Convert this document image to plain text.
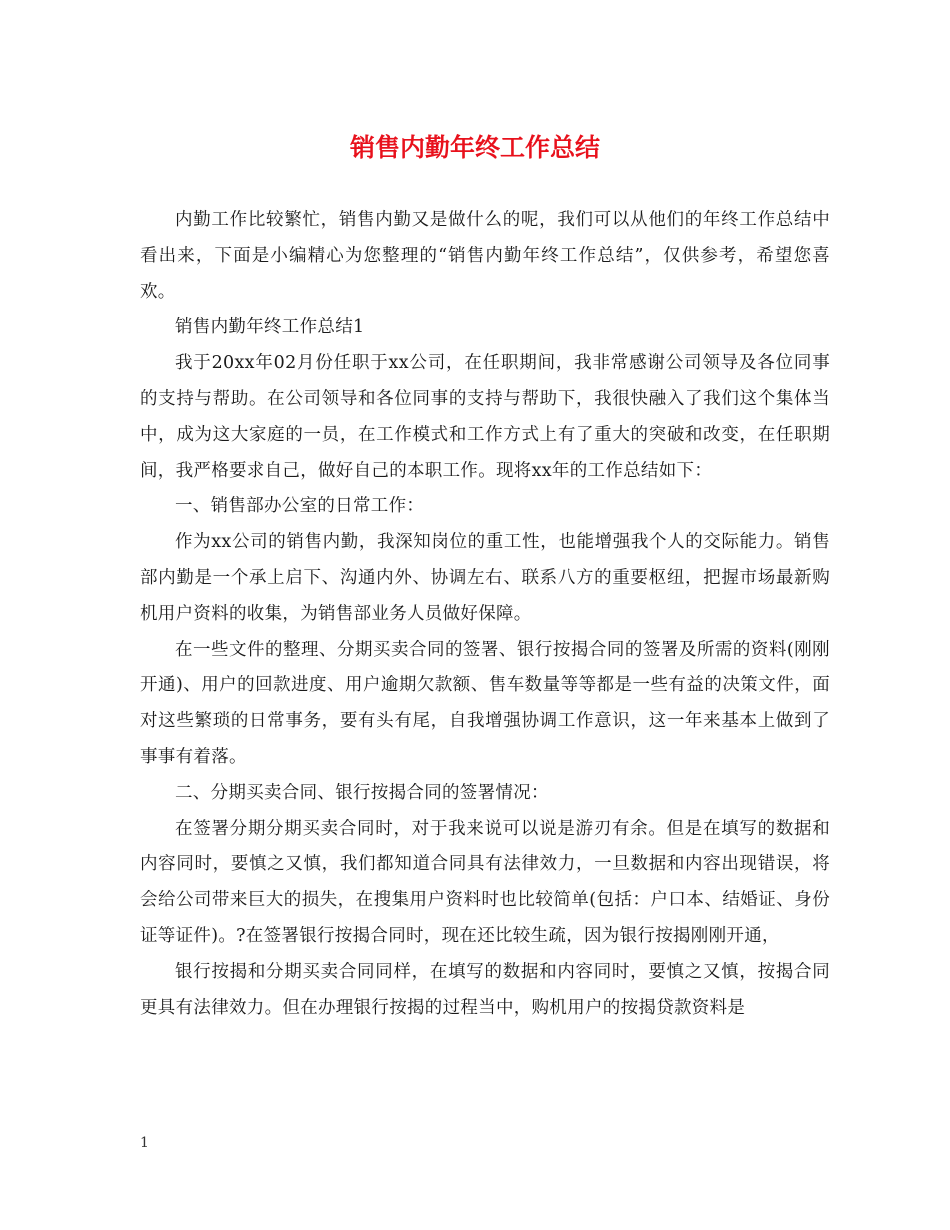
销售内勤年终工作总结

内勤工作比较繁忙，销售内勤又是做什么的呢，我们可以从他们的年终工作总结中看出来，下面是小编精心为您整理的“销售内勤年终工作总结”，仅供参考，希望您喜欢。

销售内勤年终工作总结1

我于20xx年02月份任职于xx公司，在任职期间，我非常感谢公司领导及各位同事的支持与帮助。在公司领导和各位同事的支持与帮助下，我很快融入了我们这个集体当中，成为这大家庭的一员，在工作模式和工作方式上有了重大的突破和改变，在任职期间，我严格要求自己，做好自己的本职工作。现将xx年的工作总结如下：

一、销售部办公室的日常工作：

作为xx公司的销售内勤，我深知岗位的重工性，也能增强我个人的交际能力。销售部内勤是一个承上启下、沟通内外、协调左右、联系八方的重要枢纽，把握市场最新购机用户资料的收集，为销售部业务人员做好保障。

在一些文件的整理、分期买卖合同的签署、银行按揭合同的签署及所需的资料(刚刚开通)、用户的回款进度、用户逾期欠款额、售车数量等等都是一些有益的决策文件，面对这些繁琐的日常事务，要有头有尾，自我增强协调工作意识，这一年来基本上做到了事事有着落。

二、分期买卖合同、银行按揭合同的签署情况：

在签署分期分期买卖合同时，对于我来说可以说是游刃有余。但是在填写的数据和内容同时，要慎之又慎，我们都知道合同具有法律效力，一旦数据和内容出现错误，将会给公司带来巨大的损失，在搜集用户资料时也比较简单(包括：户口本、结婚证、身份证等证件)。?在签署银行按揭合同时，现在还比较生疏，因为银行按揭刚刚开通，

银行按揭和分期买卖合同同样，在填写的数据和内容同时，要慎之又慎，按揭合同更具有法律效力。但在办理银行按揭的过程当中，购机用户的按揭贷款资料是

1
